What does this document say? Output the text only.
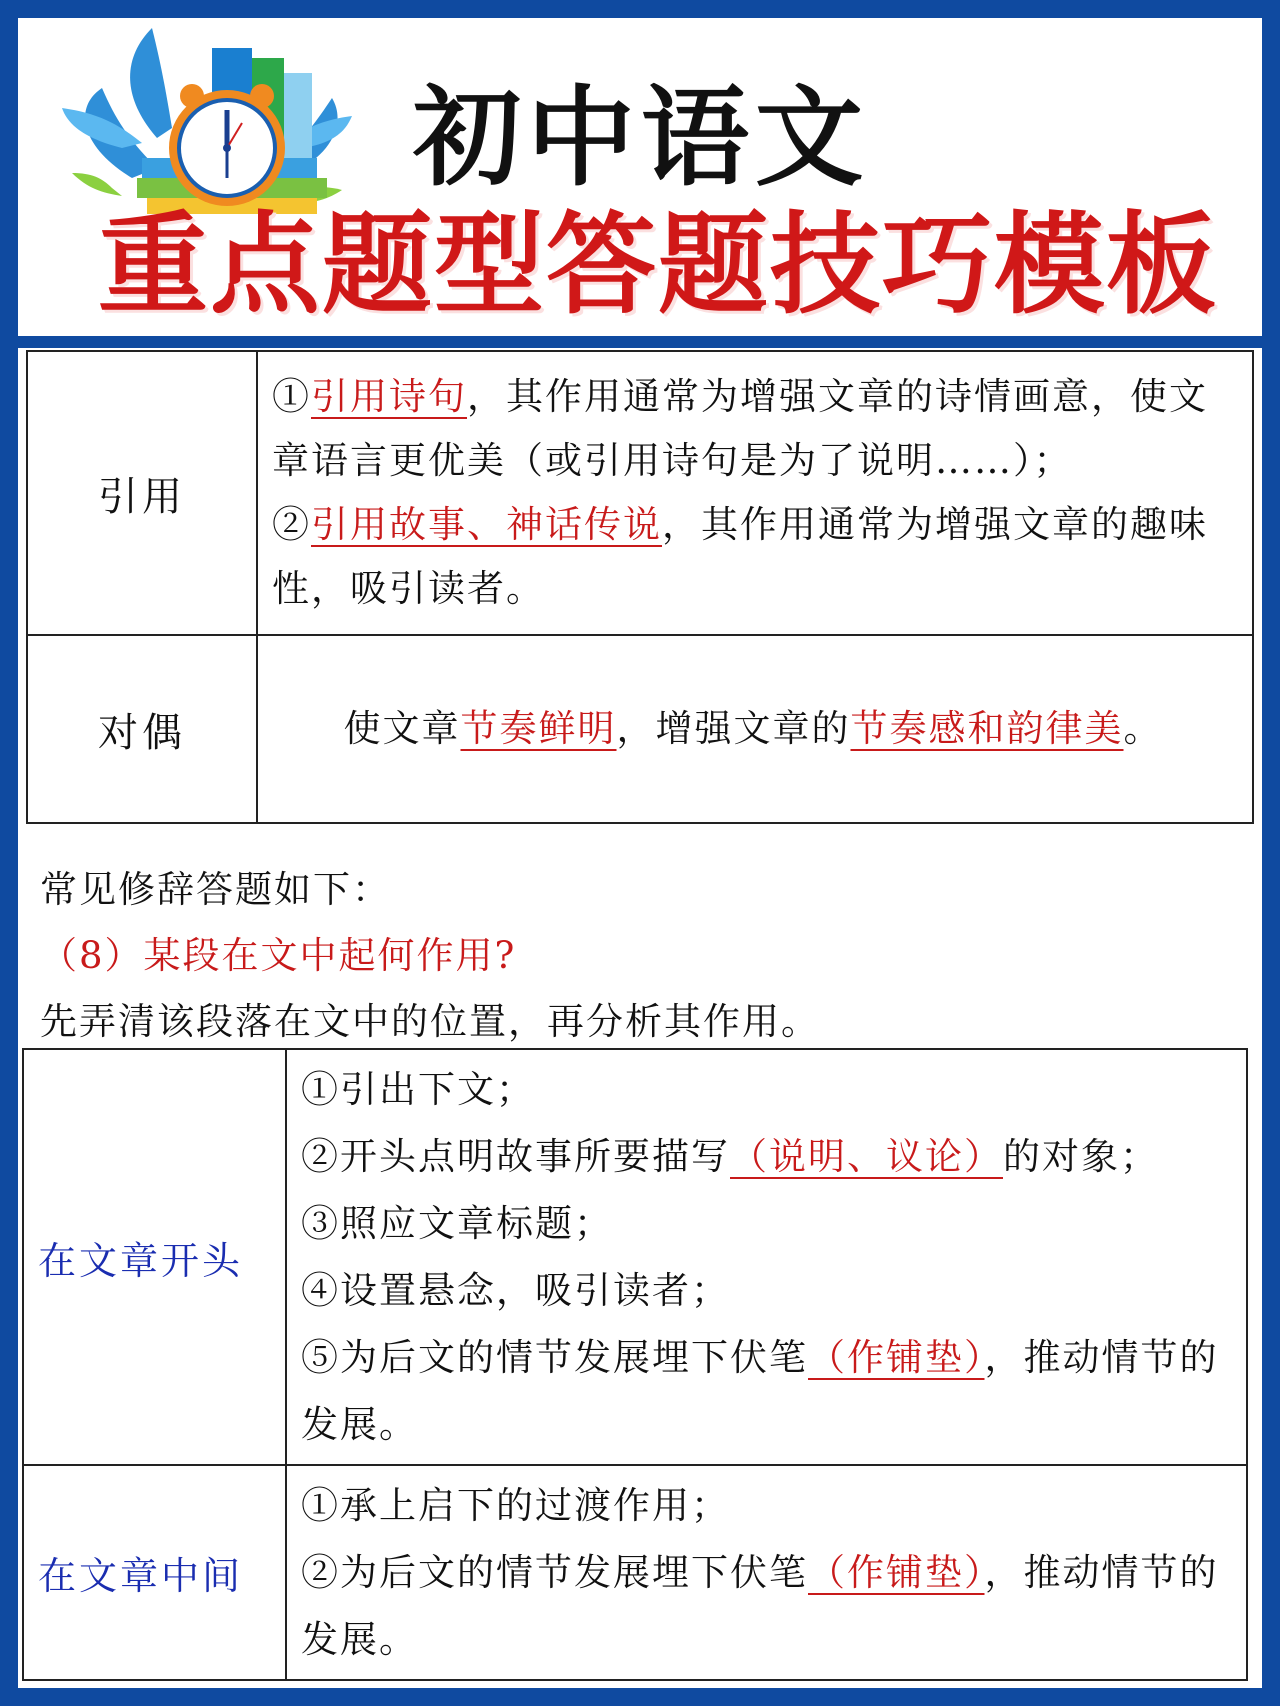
初中语文
重点题型答题技巧模板
引用	①引用诗句，其作用通常为增强文章的诗情画意，使文章语言更优美（或引用诗句是为了说明……）；
②引用故事、神话传说，其作用通常为增强文章的趣味性，吸引读者。
对偶	使文章节奏鲜明，增强文章的节奏感和韵律美。
常见修辞答题如下：
（8）某段在文中起何作用?
先弄清该段落在文中的位置，再分析其作用。
在文章开头	①引出下文；
②开头点明故事所要描写（说明、议论）的对象；
③照应文章标题；
④设置悬念，吸引读者；
⑤为后文的情节发展埋下伏笔（作铺垫），推动情节的发展。

在文章中间	①承上启下的过渡作用；
②为后文的情节发展埋下伏笔（作铺垫），推动情节的发展。
